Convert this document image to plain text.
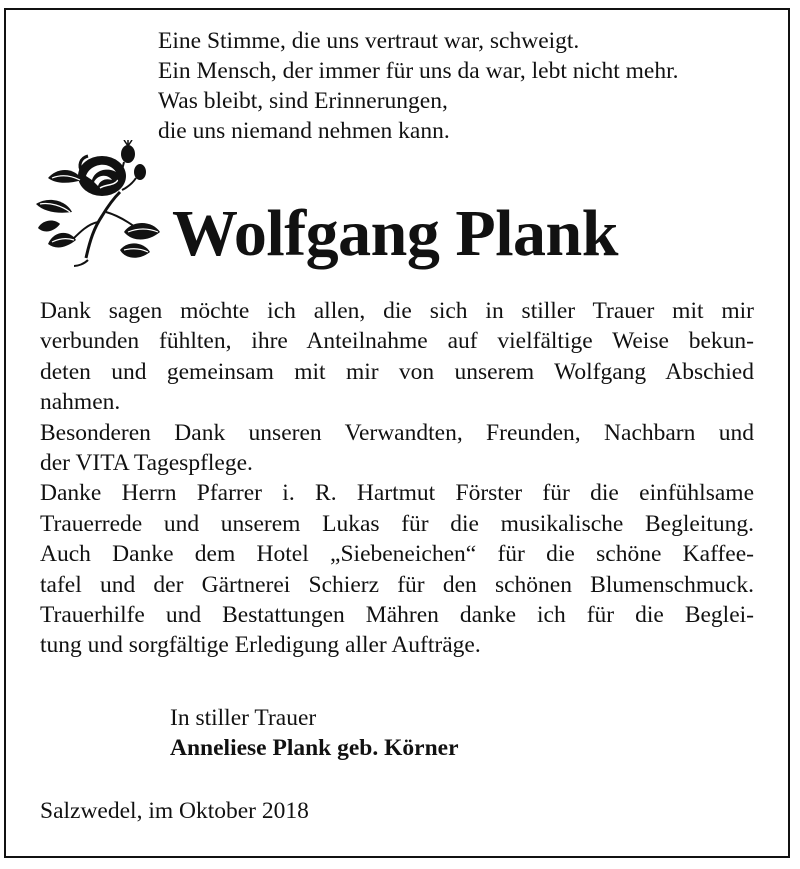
Eine Stimme, die uns vertraut war, schweigt.
Ein Mensch, der immer für uns da war, lebt nicht mehr.
Was bleibt, sind Erinnerungen,
die uns niemand nehmen kann.
Wolfgang Plank
Dank sagen möchte ich allen, die sich in stiller Trauer mit mir
verbunden fühlten, ihre Anteilnahme auf vielfältige Weise bekun-
deten und gemeinsam mit mir von unserem Wolfgang Abschied
nahmen.
Besonderen Dank unseren Verwandten, Freunden, Nachbarn und
der VITA Tagespflege.
Danke Herrn Pfarrer i. R. Hartmut Förster für die einfühlsame
Trauerrede und unserem Lukas für die musikalische Begleitung.
Auch Danke dem Hotel „Siebeneichen“ für die schöne Kaffee-
tafel und der Gärtnerei Schierz für den schönen Blumenschmuck.
Trauerhilfe und Bestattungen Mähren danke ich für die Beglei-
tung und sorgfältige Erledigung aller Aufträge.
In stiller Trauer
Anneliese Plank geb. Körner
Salzwedel, im Oktober 2018
